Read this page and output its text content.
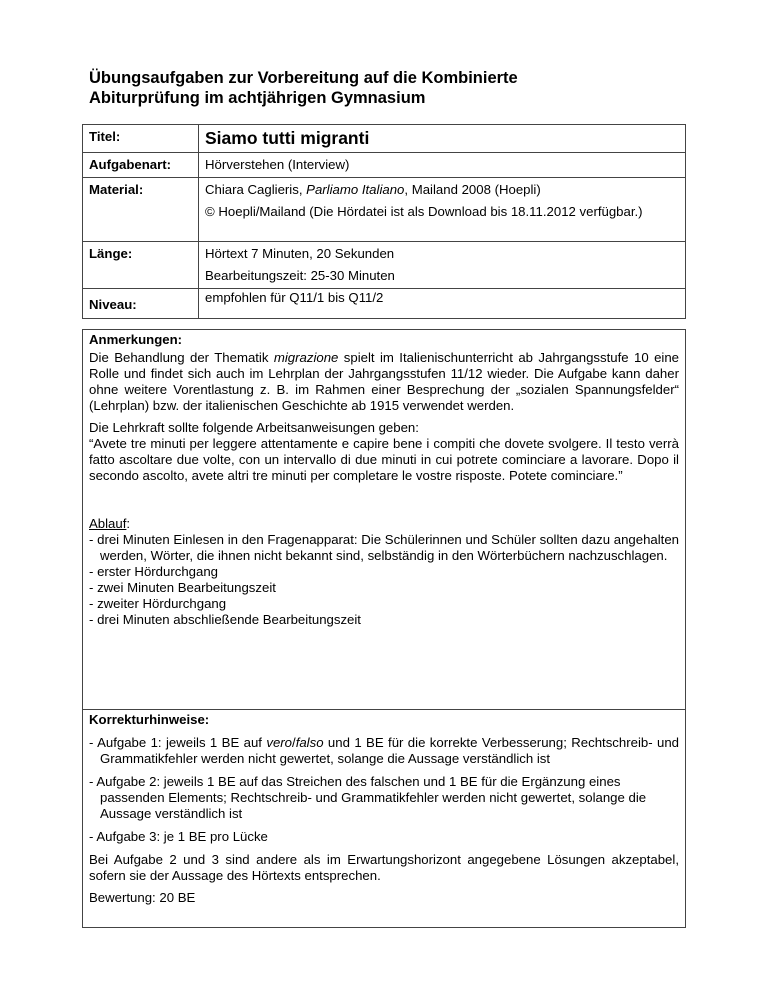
Übungsaufgaben zur Vorbereitung auf die Kombinierte
Abiturprüfung im achtjährigen Gymnasium
Titel:	Siamo tutti migranti
Aufgabenart:	Hörverstehen (Interview)
Material:	Chiara Caglieris, Parliamo Italiano, Mailand 2008 (Hoepli)

© Hoepli/Mailand (Die Hördatei ist als Download bis 18.11.2012 verfügbar.)

Länge:	Hörtext 7 Minuten, 20 Sekunden

Bearbeitungszeit: 25-30 Minuten

Niveau:	empfohlen für Q11/1 bis Q11/2

Anmerkungen:

Die Behandlung der Thematik migrazione spielt im Italienischunterricht ab Jahrgangsstufe 10 eine Rolle und findet sich auch im Lehrplan der Jahrgangsstufen 11/12 wieder. Die Aufgabe kann daher ohne weitere Vorentlastung z. B. im Rahmen einer Besprechung der „sozialen Spannungsfelder“ (Lehrplan) bzw. der italienischen Geschichte ab 1915 verwendet werden.

Die Lehrkraft sollte folgende Arbeitsanweisungen geben:

“Avete tre minuti per leggere attentamente e capire bene i compiti che dovete svolgere. Il testo verrà fatto ascoltare due volte, con un intervallo di due minuti in cui potrete cominciare a lavorare. Dopo il secondo ascolto, avete altri tre minuti per completare le vostre risposte. Potete cominciare.”

Ablauf:

- drei Minuten Einlesen in den Fragenapparat: Die Schülerinnen und Schüler sollten dazu angehalten werden, Wörter, die ihnen nicht bekannt sind, selbständig in den Wörterbüchern nachzuschlagen.
- erster Hördurchgang
- zwei Minuten Bearbeitungszeit
- zweiter Hördurchgang
- drei Minuten abschließende Bearbeitungszeit

Korrekturhinweise:

- Aufgabe 1: jeweils 1 BE auf vero/falso und 1 BE für die korrekte Verbesserung; Rechtschreib- und Grammatikfehler werden nicht gewertet, solange die Aussage verständlich ist
- Aufgabe 2: jeweils 1 BE auf das Streichen des falschen und 1 BE für die Ergänzung eines passenden Elements; Rechtschreib- und Grammatikfehler werden nicht gewertet, solange die Aussage verständlich ist
- Aufgabe 3: je 1 BE pro Lücke

Bei Aufgabe 2 und 3 sind andere als im Erwartungshorizont angegebene Lösungen akzeptabel, sofern sie der Aussage des Hörtexts entsprechen.

Bewertung: 20 BE
